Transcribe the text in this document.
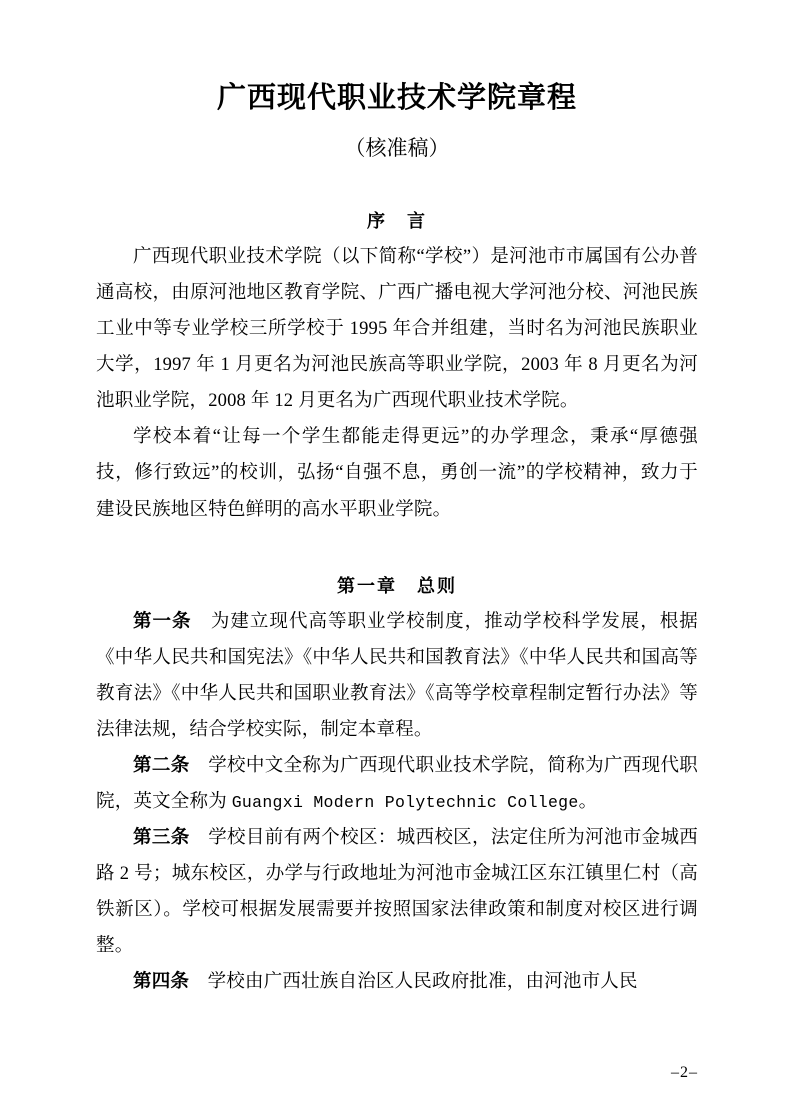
广西现代职业技术学院章程
（核准稿）
序　言

广西现代职业技术学院（以下简称“学校”）是河池市市属国有公办普通高校，由原河池地区教育学院、广西广播电视大学河池分校、河池民族工业中等专业学校三所学校于 1995 年合并组建，当时名为河池民族职业大学，1997 年 1 月更名为河池民族高等职业学院，2003 年 8 月更名为河池职业学院，2008 年 12 月更名为广西现代职业技术学院。

学校本着“让每一个学生都能走得更远”的办学理念，秉承“厚德强技，修行致远”的校训，弘扬“自强不息，勇创一流”的学校精神，致力于建设民族地区特色鲜明的高水平职业学院。

第一章　总则

第一条 为建立现代高等职业学校制度，推动学校科学发展，根据《中华人民共和国宪法》《中华人民共和国教育法》《中华人民共和国高等教育法》《中华人民共和国职业教育法》《高等学校章程制定暂行办法》等法律法规，结合学校实际，制定本章程。

第二条 学校中文全称为广西现代职业技术学院，简称为广西现代职院，英文全称为 Guangxi Modern Polytechnic College。

第三条 学校目前有两个校区：城西校区，法定住所为河池市金城西路 2 号；城东校区，办学与行政地址为河池市金城江区东江镇里仁村（高铁新区）。学校可根据发展需要并按照国家法律政策和制度对校区进行调整。

第四条 学校由广西壮族自治区人民政府批准，由河池市人民

–2–
